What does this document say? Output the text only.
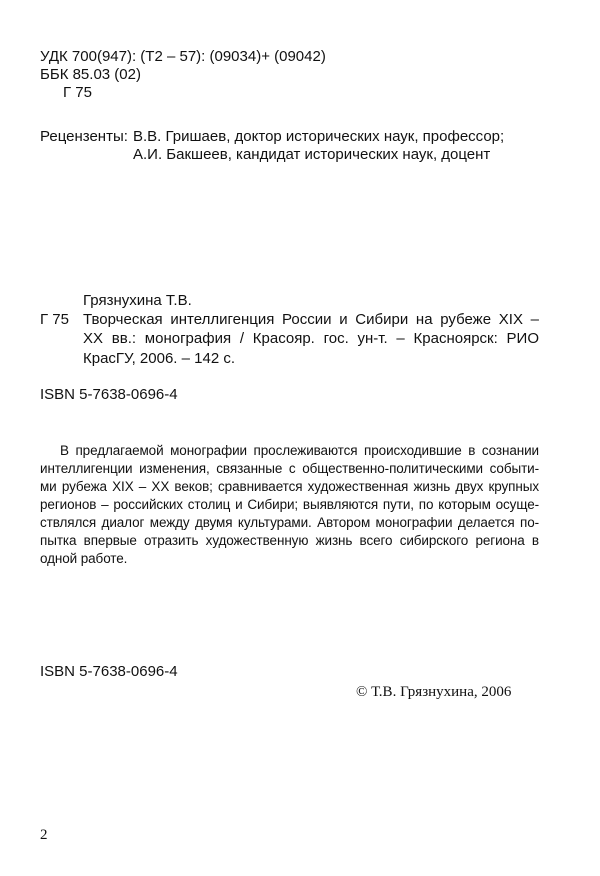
УДК 700(947): (Т2 – 57): (09034)+ (09042)
ББК 85.03 (02)
Г 75
Рецензенты: В.В. Гришаев, доктор исторических наук, профессор;
А.И. Бакшеев, кандидат исторических наук, доцент
Грязнухина Т.В.
Г 75 Творческая интеллигенция России и Сибири на рубеже XIX –
XX вв.: монография / Красояр. гос. ун-т. – Красноярск: РИО
КрасГУ, 2006. – 142 с.
ISBN 5-7638-0696-4
В предлагаемой монографии прослеживаются происходившие в сознании
интеллигенции изменения, связанные с общественно-политическими событи-
ми рубежа XIX – XX веков; сравнивается художественная жизнь двух крупных
регионов – российских столиц и Сибири; выявляются пути, по которым осуще-
ствлялся диалог между двумя культурами. Автором монографии делается по-
пытка впервые отразить художественную жизнь всего сибирского региона в
одной работе.
ISBN 5-7638-0696-4
© Т.В. Грязнухина, 2006
2
